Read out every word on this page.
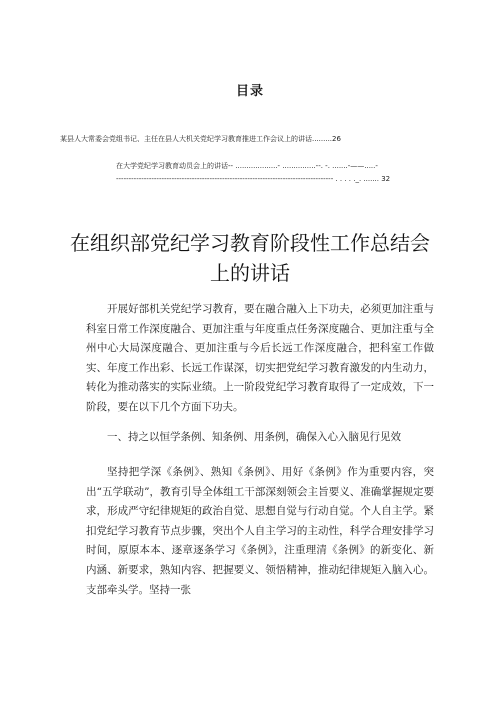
目录
某县人大常委会党组书记、主任在县人大机关党纪学习教育推进工作会议上的讲话.........26
在大学党纪学习教育动员会上的讲话-- ...................- ...............--. -. .......-——.....-
-------------------------------------------------------------------------------------- . . . . ._. ....... 32
在组织部党纪学习教育阶段性工作总结会
上的讲话

开展好部机关党纪学习教育，要在融合融入上下功夫，必须更加注重与科室日常工作深度融合、更加注重与年度重点任务深度融合、更加注重与全州中心大局深度融合、更加注重与今后长远工作深度融合，把科室工作做实、年度工作出彩、长远工作谋深，切实把党纪学习教育激发的内生动力，转化为推动落实的实际业绩。上一阶段党纪学习教育取得了一定成效，下一阶段，要在以下几个方面下功夫。

一、持之以恒学条例、知条例、用条例，确保入心入脑见行见效

坚持把学深《条例》、熟知《条例》、用好《条例》作为重要内容，突出“五学联动”，教育引导全体组工干部深刻领会主旨要义、准确掌握规定要求，形成严守纪律规矩的政治自觉、思想自觉与行动自觉。个人自主学。紧扣党纪学习教育节点步骤，突出个人自主学习的主动性，科学合理安排学习时间，原原本本、逐章逐条学习《条例》，注重理清《条例》的新变化、新内涵、新要求，熟知内容、把握要义、领悟精神，推动纪律规矩入脑入心。支部牵头学。坚持一张
